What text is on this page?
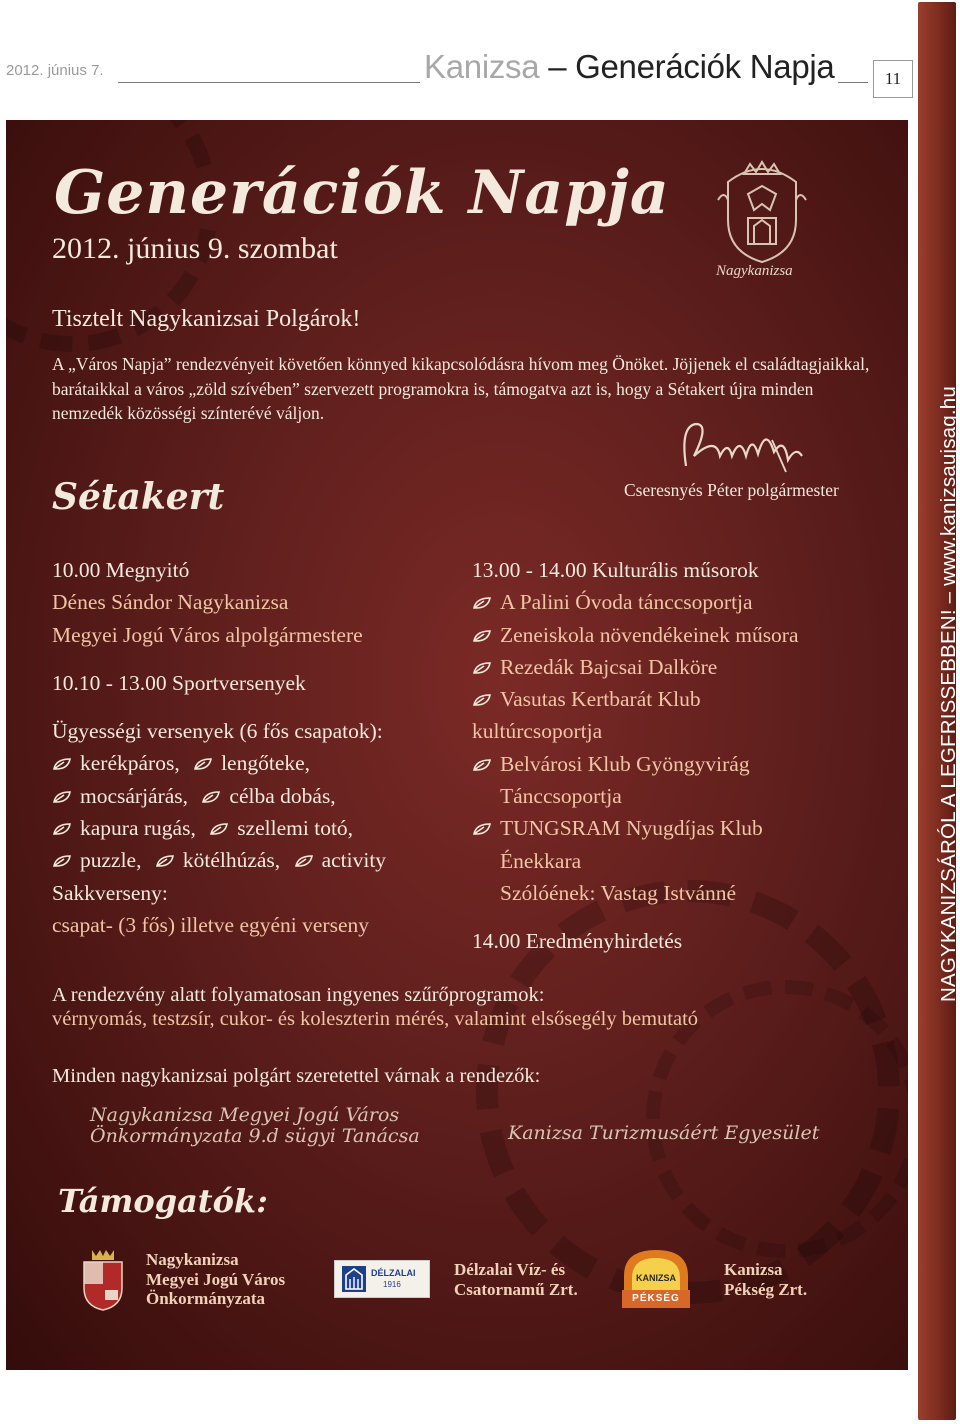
2012. június 7.	Kanizsa – Generációk Napja	11
NAGYKANIZSÁRÓL A LEGFRISSEBBEN! – www.kanizsaujsag.hu
Generációk Napja
2012. június 9. szombat
Nagykanizsa
Tisztelt Nagykanizsai Polgárok!
A „Város Napja” rendezvényeit követően könnyed kikapcsolódásra hívom meg Önöket. Jöjjenek el családtagjaikkal, barátaikkal a város „zöld szívében” szervezett programokra is, támogatva azt is, hogy a Sétakert újra minden nemzedék közösségi színterévé váljon.
Cseresnyés Péter polgármester
Sétakert
10.00 Megnyitó
Dénes Sándor Nagykanizsa
Megyei Jogú Város alpolgármestere
10.10 - 13.00 Sportversenyek
Ügyességi versenyek (6 fős csapatok):
kerékpáros, lengőteke,
mocsárjárás, célba dobás,
kapura rugás, szellemi totó,
puzzle, kötélhúzás, activity
Sakkverseny:
csapat- (3 fős) illetve egyéni verseny
13.00 - 14.00 Kulturális műsorok
A Palini Óvoda tánccsoportja
Zeneiskola növendékeinek műsora
Rezedák Bajcsai Dalköre
Vasutas Kertbarát Klub
kultúrcsoportja
Belvárosi Klub Gyöngyvirág
Tánccsoportja
TUNGSRAM Nyugdíjas Klub
Énekkara
Szólóének: Vastag Istvánné
14.00 Eredményhirdetés
A rendezvény alatt folyamatosan ingyenes szűrőprogramok:
vérnyomás, testzsír, cukor- és koleszterin mérés, valamint elsősegély bemutató
Minden nagykanizsai polgárt szeretettel várnak a rendezők:
Nagykanizsa Megyei Jogú Város
Önkormányzata 9.d sügyi Tanácsa	Kanizsa Turizmusáért Egyesület
Támogatók:
Nagykanizsa
Megyei Jogú Város
Önkormányzata
DÉLZALAI
1916
Délzalai Víz- és
Csatornamű Zrt.
KANIZSA
PÉKSÉG
Kanizsa
Pékség Zrt.
